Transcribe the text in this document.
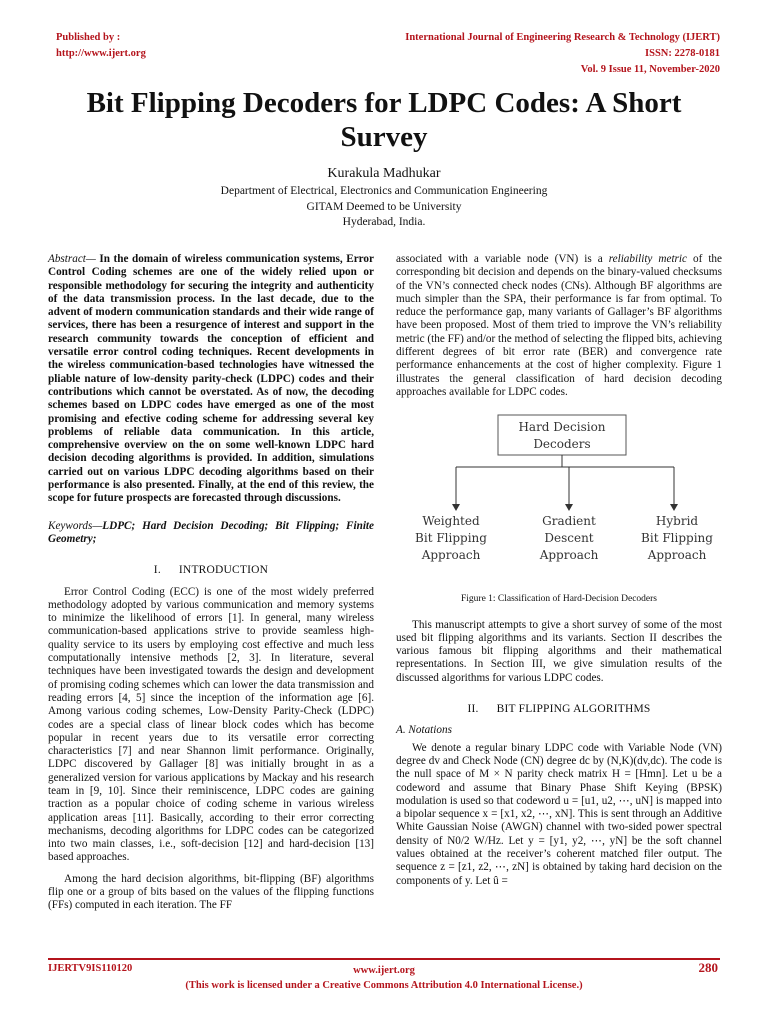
Published by :
http://www.ijert.org
International Journal of Engineering Research & Technology (IJERT)
ISSN: 2278-0181
Vol. 9 Issue 11, November-2020
Bit Flipping Decoders for LDPC Codes: A Short Survey
Kurakula Madhukar
Department of Electrical, Electronics and Communication Engineering
GITAM Deemed to be University
Hyderabad, India.

Abstract— In the domain of wireless communication systems, Error Control Coding schemes are one of the widely relied upon or responsible methodology for securing the integrity and authenticity of the data transmission process. In the last decade, due to the advent of modern communication standards and their wide range of services, there has been a resurgence of interest and support in the research community towards the conception of efficient and versatile error control coding techniques. Recent developments in the wireless communication-based technologies have witnessed the pliable nature of low-density parity-check (LDPC) codes and their contributions which cannot be overstated. As of now, the decoding schemes based on LDPC codes have emerged as one of the most promising and efective coding scheme for addressing several key problems of reliable data communication. In this article, comprehensive overview on the on some well-known LDPC hard decision decoding algorithms is provided. In addition, simulations carried out on various LDPC decoding algorithms based on their performance is also presented. Finally, at the end of this review, the scope for future prospects are forecasted through discussions.

Keywords—LDPC; Hard Decision Decoding; Bit Flipping; Finite Geometry;

I. INTRODUCTION

Error Control Coding (ECC) is one of the most widely preferred methodology adopted by various communication and memory systems to minimize the likelihood of errors [1]. In general, many wireless communication-based applications strive to provide seamless high-quality service to its users by employing cost effective and much less computationally intensive methods [2, 3]. In literature, several techniques have been investigated towards the design and development of promising coding schemes which can lower the data transmission and reading errors [4, 5] since the inception of the information age [6]. Among various coding schemes, Low-Density Parity-Check (LDPC) codes are a special class of linear block codes which has become popular in recent years due to its versatile error correcting characteristics [7] and near Shannon limit performance. Originally, LDPC discovered by Gallager [8] was initially brought in as a generalized version for various applications by Mackay and his research team in [9, 10]. Since their reminiscence, LDPC codes are gaining traction as a popular choice of coding scheme in various wireless application areas [11]. Basically, according to their error correcting mechanisms, decoding algorithms for LDPC codes can be categorized into two main classes, i.e., soft-decision [12] and hard-decision [13] based approaches.

Among the hard decision algorithms, bit-flipping (BF) algorithms flip one or a group of bits based on the values of the flipping functions (FFs) computed in each iteration. The FF

associated with a variable node (VN) is a reliability metric of the corresponding bit decision and depends on the binary-valued checksums of the VN’s connected check nodes (CNs). Although BF algorithms are much simpler than the SPA, their performance is far from optimal. To reduce the performance gap, many variants of Gallager’s BF algorithms have been proposed. Most of them tried to improve the VN’s reliability metric (the FF) and/or the method of selecting the flipped bits, achieving different degrees of bit error rate (BER) and convergence rate performance enhancements at the cost of higher complexity. Figure 1 illustrates the general classification of hard decision decoding approaches available for LDPC codes.

Hard Decision
Decoders
Weighted
Bit Flipping
Approach
Gradient
Descent
Approach
Hybrid
Bit Flipping
Approach
Figure 1: Classification of Hard-Decision Decoders

This manuscript attempts to give a short survey of some of the most used bit flipping algorithms and its variants. Section II describes the various famous bit flipping algorithms and their mathematical representations. In Section III, we give simulation results of the discussed algorithms for various LDPC codes.

II. BIT FLIPPING ALGORITHMS
A. Notations

We denote a regular binary LDPC code with Variable Node (VN) degree dv and Check Node (CN) degree dc by (N,K)(dv,dc). The code is the null space of M × N parity check matrix H = [Hmn]. Let u be a codeword and assume that Binary Phase Shift Keying (BPSK) modulation is used so that codeword u = [u1, u2, ⋯, uN] is mapped into a bipolar sequence x = [x1, x2, ⋯, xN]. This is sent through an Additive White Gaussian Noise (AWGN) channel with two-sided power spectral density of N0/2 W/Hz. Let y = [y1, y2, ⋯, yN] be the soft channel values obtained at the receiver’s coherent matched filer output. The sequence z = [z1, z2, ⋯, zN] is obtained by taking hard decision on the components of y. Let û =

IJERTV9IS110120	www.ijert.org
(This work is licensed under a Creative Commons Attribution 4.0 International License.)
280
